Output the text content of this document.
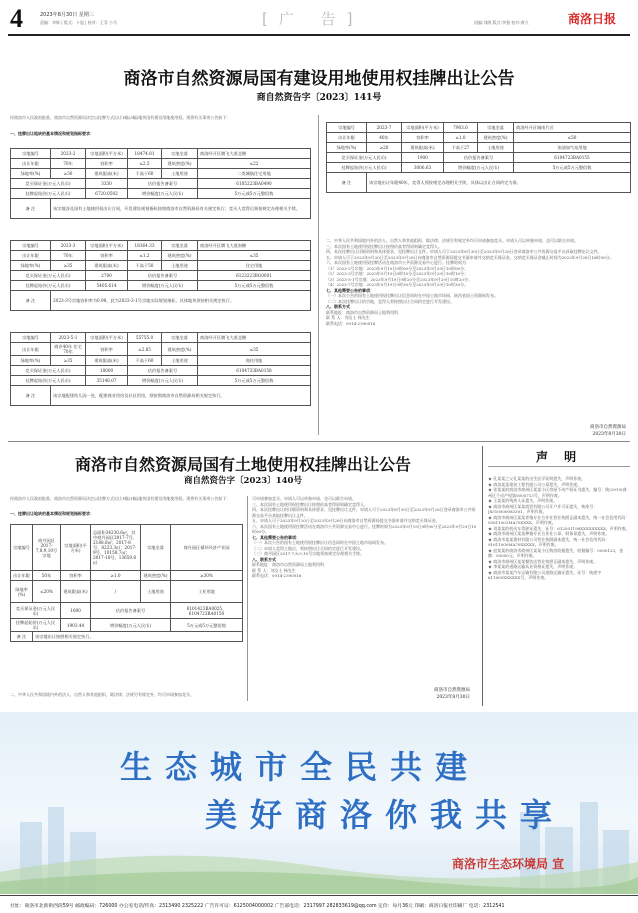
4	2023年8月30日 星期三
责编：李辉 | 版式：卜旭 | 校对：王菲 小马	[广 告]	国编:刘鹃 版式:李强 校对:黄九	商洛日报
商洛市自然资源局国有建设用地使用权挂牌出让公告
商自然资告字〔2023〕141号
经商洛市人民政府批准，商洛市自然资源局决定以挂牌方式出让1幅(3幅)地块国有建设用地使用权。现将有关事项公告如下：
一、挂牌出让地块的基本情况和规划指标要求：
宗地编号	2023-2	宗地面积(平方米)	18474.81	宗地坐落	商洛经开区腾飞大道北侧
出让年限	70年	容积率	≤2.5	建筑密度(%)	≤22
绿地率(%)	≥30	建筑限高(米)	不高于60	土地用途	二类城镇住宅用地
竞买保证金(万元人民币)		3330	估价报告备案号		6105223BA0490
挂牌起始价(万元人民币)		6720.0502	增价幅度(万元人民币)		5万元或5万元整倍数
备 注	该宗地涉及国有土地使用权出让合同，开发建设规划指标按照商洛市自然资源局有关规定执行；竞买人竞得后须按规定办理相关手续。				
宗地编号	2023-3	宗地面积(平方米)	18364.33	宗地坐落	商洛经开区腾飞大道南侧
出让年限	70年	容积率	≤1.2	建筑密度(%)	≤35
绿地率(%)	≥35	建筑限高(米)	不高于50	土地用途	住宅用地
竞买保证金(万元人民币)		2700	估价报告备案号		6123223BG0001
挂牌起始价(万元人民币)		5405.614	增价幅度(万元人民币)		5万元或5万元整倍数
备 注	2023-3号宗地容积率为0.98，此为2023-3-1号宗地实际规划指标，具体地块须按相关规定执行。				
宗地编号	2023-5-1	宗地面积(平方米)	55755.0	宗地坐落	商洛经开区腾飞大道北侧
出让年限	商业40年 住宅70年	容积率	≤2.85	建筑密度(%)	≤35
绿地率(%)	≥35	建筑限高(米)	不高于60	土地用途	商住用地
竞买保证金(万元人民币)		18000	估价报告备案号		6104733BA0158
挂牌起始价(万元人民币)		35148.07	增价幅度(万元人民币)		5万元或5万元整倍数
备 注	该宗地配建幼儿园一处，配建商业用房及社区用房，须按照商洛市自然资源局相关规定执行。				
宗地编号	2023-7	宗地面积(平方米)	7903.6	宗地坐落	商洛经开区城南片区
出让年限	40年	容积率	≤1.0	建筑密度(%)	≤50
绿地率(%)	≥20	建筑限高(米)	不高于27	土地用途	加油加气站用地
竞买保证金(万元人民币)		1900	估价报告备案号		6104723BA0155
挂牌起始价(万元人民币)		3006.63	增价幅度(万元人民币)		5万元或5万元整倍数
备 注	该宗地出让年限40年，竞得人须按规定办理相关手续，具体以出让合同约定为准。				

二、中华人民共和国境内外的法人、自然人和其他组织，除法律、法规另有规定外均可申请参加竞买。申请人可以单独申请，也可以联合申请。

三、本次国有土地使用权挂牌出让按照价高者得原则确定竞得人。

四、本次挂牌出让详细资料和具体要求，见挂牌出让文件。申请人可于2023年8月30日至2023年9月28日登录商洛市公共资源交易平台获取挂牌出让文件。

五、申请人可于2023年9月20日至2023年9月28日向商洛市自然资源局提交书面申请并交纳竞买保证金。交纳竞买保证金截止时间为2023年9月28日16时00分。

六、本次国有土地使用权挂牌活动在商洛市公共资源交易中心进行。挂牌时间为：

（1）2023-2号宗地：2023年9月19日9时00分至2023年9月29日10时00分；

（2）2023-3号宗地：2023年9月19日9时10分至2023年9月29日10时10分；

（3）2023-5-1号宗地：2023年9月19日9时20分至2023年9月29日10时20分；

（4）2023-7号宗地：2023年9月19日9时30分至2023年9月29日10时30分。

七、其他需要公告的事项：

（一）本次公告的国有土地使用权挂牌出让信息同时在中国土地市场网、陕西省国土资源网发布。

（二）本次挂牌出让的宗地，竞得人须按照出让合同约定进行开发建设。

八、联系方式

联系地址：商洛市自然资源局土地利用科

联 系 人：刘女士 杨先生

联系电话：0914-2390016

商洛市自然资源局
2023年8月30日
商洛市自然资源局国有土地使用权挂牌出让公告
商自然资告字〔2023〕140号
经商洛市人民政府批准，商洛市自然资源局决定以挂牌方式出让1幅(1幅)地块国有建设用地使用权。现将有关事项公告如下：
一、挂牌出让地块的基本情况和规划指标要求：
宗地编号	商丹园区2017-7,8,9,10号宗地	宗地面积(平方米)	总面积34230.6㎡，其中商丹园区2017-7号，2188.8㎡；2017-8号，8223.3㎡；2017-9号，10158.7㎡；2017-10号，13659.8㎡	宗地坐落	商丹园区循环经济产业园
出让年限	50年	容积率	≥1.0	建筑密度(%)	≥30%
绿地率(%)	≤20%	建筑限高(米)	/	土地用途	工业用地
竞买保证金(万元人民币)		1000	估价报告备案号		6101423BA0025、6104723BA0150
挂牌起始价(万元人民币)		1903.44	增价幅度(万元人民币)		5万元或5万元整倍数
备 注	该宗地出让按照相关规定执行。				
二、中华人民共和国境内外的法人、自然人和其他组织，除法律、法规另有规定外，均可申请参加竞买。

可申请参加竞买。申请人可以单独申请，也可以联合申请。

三、本次国有土地使用权挂牌出让按照价高者得原则确定竞得人。

四、本次挂牌出让的详细资料和具体要求，见挂牌出让文件。申请人可于2023年8月30日至2023年9月28日登录商洛市公共资源交易平台获取挂牌出让文件。

五、申请人可于2023年9月20日至2023年9月28日向商洛市自然资源局提交书面申请并交纳竞买保证金。

六、本次国有土地使用权挂牌活动在商洛市公共资源交易中心进行。挂牌时间为2023年9月19日9时00分至2023年9月29日10时00分。

七、其他需要公告的事项：

（一）本次公告的国有土地使用权挂牌出让信息同时在中国土地市场网发布。

（二）申请人竞得土地后，须按照出让合同约定进行开发建设。

（三）商丹园区2017-7,8,9,10号宗地须按规定办理相关手续。

八、联系方式

联系地址：商洛市自然资源局土地利用科

联 系 人：刘女士 杨先生

联系电话：0914-2390016

商洛市自然资源局
2023年8月30日
声 明

★ 孔某某之父孔某某的出生医学证明遗失，声明作废。

★ 商洛某某建筑工程有限公司公章遗失，声明作废。

★ 张某某的商洛市商州区某某小区房屋不动产权证书遗失，编号：陕(2019)商州区不动产权第0005713号，声明作废。

★ 王某某的残疾人证遗失，声明作废。

★ 商洛市商州区某某商贸有限公司开户许可证遗失，核准号：J8310000083301，声明作废。

★ 商洛市商州区某某养殖专业合作社营业执照正副本遗失，统一社会信用代码：93611002MA70XXXX，声明作废。

★ 刘某某的机动车驾驶证遗失，证号：612501198XXXXXXXXX，声明作废。

★ 商洛市商州区某某种植专业合作社公章、财务章遗失，声明作废。

★ 商洛市某某建材有限公司营业执照副本遗失，统一社会信用代码：91611000MA70XXXXX，声明作废。

★ 赵某某的商洛市商州区某某小区购房收据遗失，收据编号：0000123，金额：50000元，声明作废。

★ 商洛市商州区某某餐饮店营业执照正副本遗失，声明作废。

★ 李某某的道路运输从业资格证遗失，声明作废。

★ 商洛市某某汽车运输有限公司道路运输证遗失，证号：陕商字611000XXXXXX号，声明作废。

生态城市全民共建
美好商洛你我共享
商洛市生态环境局 宣
社址：商洛市北新街西段59号 邮政编码：726000 办公室电话/传真：2313490 2325222 广告许可证：6125004000002 广告部电话：2317997 282833619@qq.com 定价：每月36元 印刷：商洛日报社印刷厂 电话：2312541
